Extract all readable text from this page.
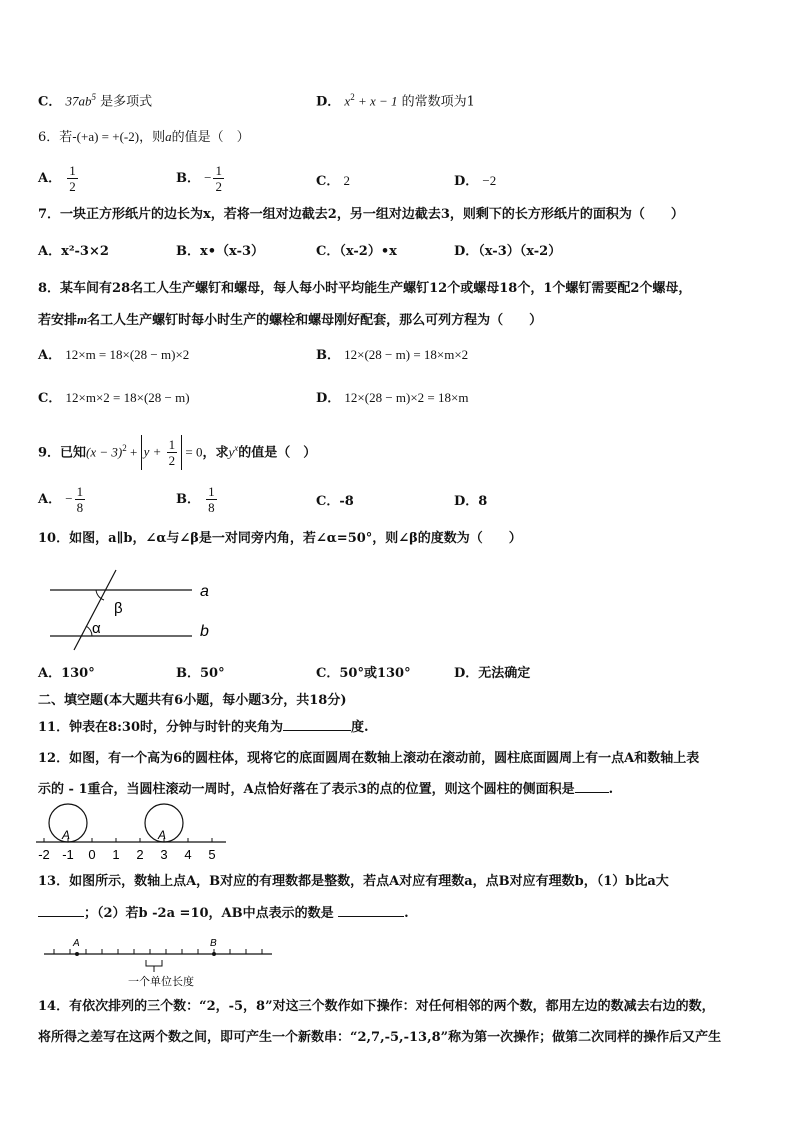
C． $37ab^5$ 是多项式	D． $x^2 + x - 1$ 的常数项为1
6．若-(+a) = +(-2)，则a的值是（　）
A． $\frac{1}{2}$	B． − $\frac{1}{2}$	C． 2	D． −2
7．一块正方形纸片的边长为x，若将一组对边截去2，另一组对边截去3，则剩下的长方形纸片的面积为（　　）
A．x²-3×2	B．x•（x-3）	C．（x-2）•x	D．（x-3）（x-2）
8．某车间有28名工人生产螺钉和螺母，每人每小时平均能生产螺钉12个或螺母18个，1个螺钉需要配2个螺母，
若安排m名工人生产螺钉时每小时生产的螺栓和螺母刚好配套，那么可列方程为（　　）
A． 12×m = 18×(28 − m)×2	B． 12×(28 − m) = 18×m×2
C． 12×m×2 = 18×(28 − m)	D． 12×(28 − m)×2 = 18×m
9．已知$(x - 3)^2 + y + \frac{1}{2} = 0$，求$y^x$的值是（　）
A． − $\frac{1}{8}$	B． $\frac{1}{8}$	C．-8	D．8
10．如图，a∥b，∠α与∠β是一对同旁内角，若∠α=50°，则∠β的度数为（　　）
β
α
a
b
A．130°	B．50°	C．50°或130°	D．无法确定
二、填空题(本大题共有6小题，每小题3分，共18分)
11．钟表在8:30时，分钟与时针的夹角为	度.
12．如图，有一个高为6的圆柱体，现将它的底面圆周在数轴上滚动在滚动前，圆柱底面圆周上有一点A和数轴上表
示的 - 1重合，当圆柱滚动一周时，A点恰好落在了表示3的点的位置，则这个圆柱的侧面积是	.
A	A
-2 -1 0 1 2 3 4 5
13．如图所示，数轴上点A，B对应的有理数都是整数，若点A对应有理数a，点B对应有理数b，（1）b比a大
；（2）若b -2a =10，AB中点表示的数是	.
A	B
一个单位长度
14．有依次排列的三个数：“2，-5，8”对这三个数作如下操作：对任何相邻的两个数，都用左边的数减去右边的数，
将所得之差写在这两个数之间，即可产生一个新数串：“2,7,-5,-13,8”称为第一次操作；做第二次同样的操作后又产生
